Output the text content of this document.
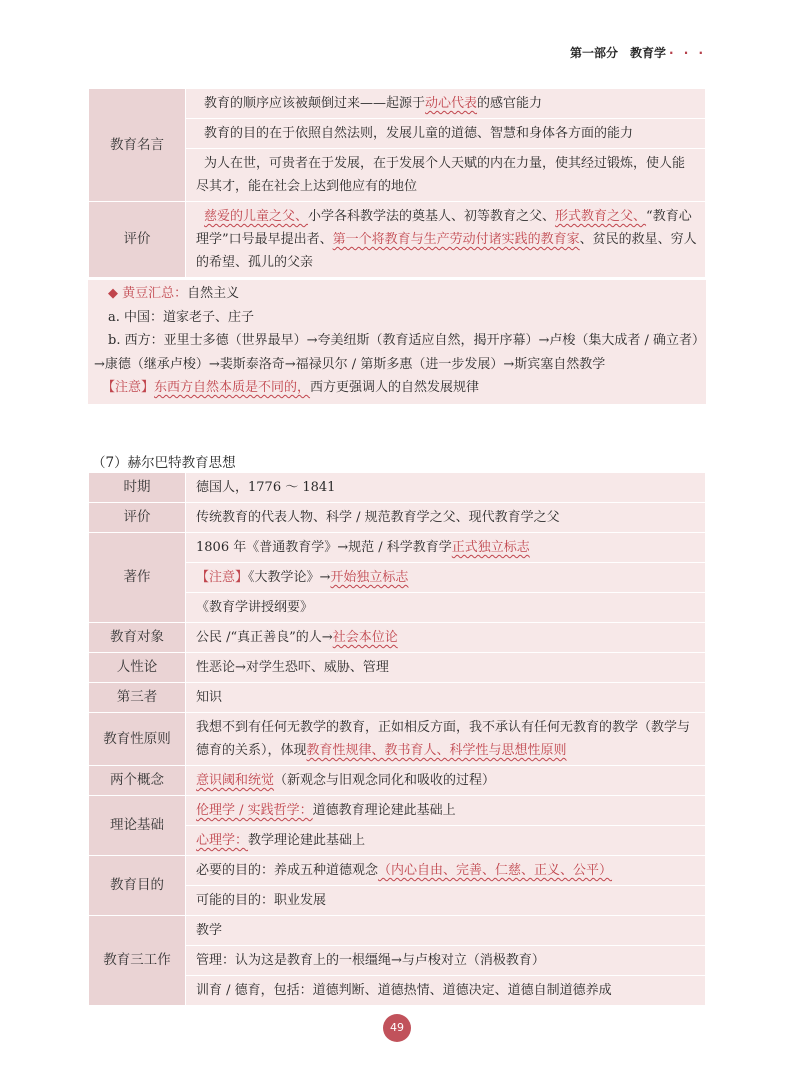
第一部分　教育学 · · ·
教育名言	教育的顺序应该被颠倒过来——起源于动心代表的感官能力
	教育的目的在于依照自然法则，发展儿童的道德、智慧和身体各方面的能力
	为人在世，可贵者在于发展，在于发展个人天赋的内在力量，使其经过锻炼，使人能尽其才，能在社会上达到他应有的地位
评价	慈爱的儿童之父、小学各科教学法的奠基人、初等教育之父、形式教育之父、“教育心理学”口号最早提出者、第一个将教育与生产劳动付诸实践的教育家、贫民的救星、穷人的希望、孤儿的父亲
◆ 黄豆汇总：自然主义
a. 中国：道家老子、庄子
b. 西方：亚里士多德（世界最早）→夸美纽斯（教育适应自然，揭开序幕）→卢梭（集大成者 / 确立者）→康德（继承卢梭）→裴斯泰洛奇→福禄贝尔 / 第斯多惠（进一步发展）→斯宾塞自然教学
【注意】东西方自然本质是不同的，西方更强调人的自然发展规律
（7）赫尔巴特教育思想
时期	德国人，1776 ～ 1841
评价	传统教育的代表人物、科学 / 规范教育学之父、现代教育学之父
著作	1806 年《普通教育学》→规范 / 科学教育学正式独立标志
	【注意】《大教学论》→开始独立标志
	《教育学讲授纲要》
教育对象	公民 /“真正善良”的人→社会本位论
人性论	性恶论→对学生恐吓、威胁、管理
第三者	知识
教育性原则	我想不到有任何无教学的教育，正如相反方面，我不承认有任何无教育的教学（教学与德育的关系），体现教育性规律、教书育人、科学性与思想性原则
两个概念	意识阈和统觉（新观念与旧观念同化和吸收的过程）
理论基础	伦理学 / 实践哲学：道德教育理论建此基础上
	心理学：教学理论建此基础上
教育目的	必要的目的：养成五种道德观念（内心自由、完善、仁慈、正义、公平）
	可能的目的：职业发展
教育三工作	教学
	管理：认为这是教育上的一根缰绳→与卢梭对立（消极教育）
	训育 / 德育，包括：道德判断、道德热情、道德决定、道德自制道德养成
49
